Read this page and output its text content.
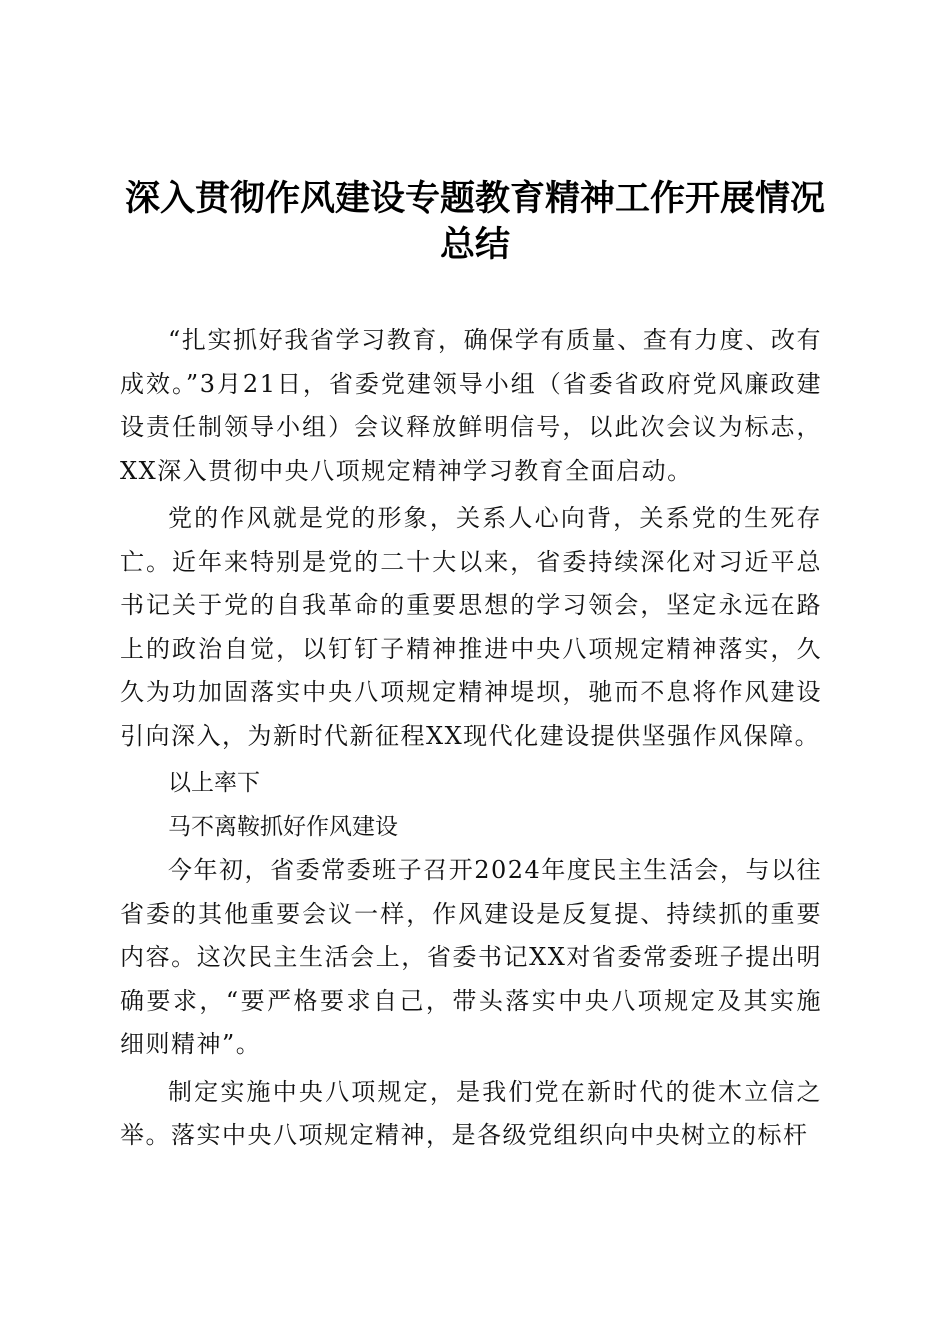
深入贯彻作风建设专题教育精神工作开展情况
总结

“扎实抓好我省学习教育，确保学有质量、查有力度、改有成效。”3月21日，省委党建领导小组（省委省政府党风廉政建设责任制领导小组）会议释放鲜明信号，以此次会议为标志，XX深入贯彻中央八项规定精神学习教育全面启动。

党的作风就是党的形象，关系人心向背，关系党的生死存亡。近年来特别是党的二十大以来，省委持续深化对习近平总书记关于党的自我革命的重要思想的学习领会，坚定永远在路上的政治自觉，以钉钉子精神推进中央八项规定精神落实，久久为功加固落实中央八项规定精神堤坝，驰而不息将作风建设引向深入，为新时代新征程XX现代化建设提供坚强作风保障。

以上率下

马不离鞍抓好作风建设

今年初，省委常委班子召开2024年度民主生活会，与以往省委的其他重要会议一样，作风建设是反复提、持续抓的重要内容。这次民主生活会上，省委书记XX对省委常委班子提出明确要求，“要严格要求自己，带头落实中央八项规定及其实施细则精神”。

制定实施中央八项规定，是我们党在新时代的徙木立信之举。落实中央八项规定精神，是各级党组织向中央树立的标杆
